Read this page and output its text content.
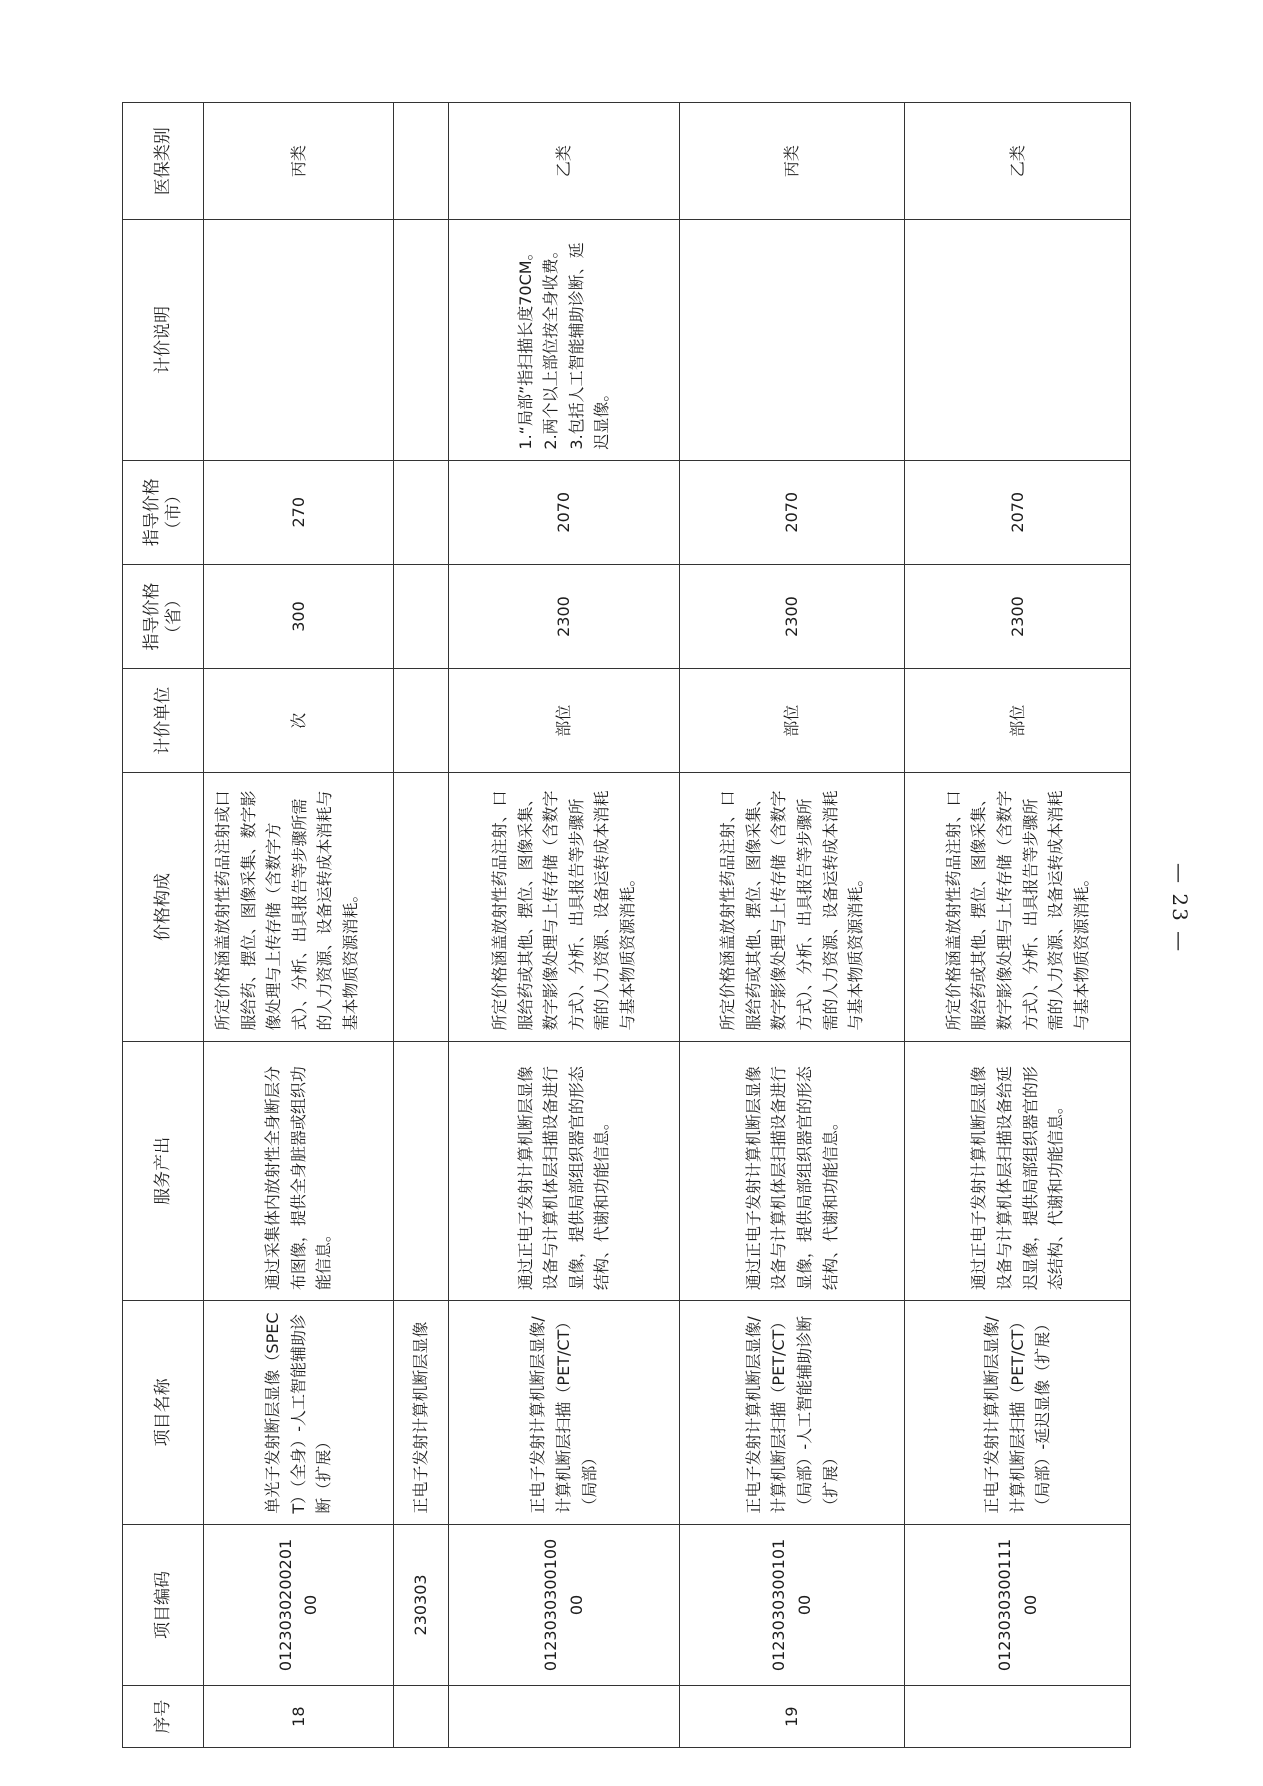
序号	项目编码	项目名称	服务产出	价格构成	计价单位	指导价格（省）	指导价格（市）	计价说明	医保类别
18	012303020020100	单光子发射断层显像（SPECT）（全身）-人工智能辅助诊断（扩展）	通过采集体内放射性全身断层分布图像，提供全身脏器或组织功能信息。	所定价格涵盖放射性药品注射或口服给药、摆位、图像采集、数字影像处理与上传存储（含数字方式）、分析、出具报告等步骤所需的人力资源、设备运转成本消耗与基本物质资源消耗。	次	300	270		丙类
	230303	正电子发射计算机断层显像							
	012303030010000	正电子发射计算机断层显像/计算机断层扫描（PET/CT）（局部）	通过正电子发射计算机断层显像设备与计算机体层扫描设备进行显像，提供局部组织器官的形态结构、代谢和功能信息。	所定价格涵盖放射性药品注射、口服给药或其他、摆位、图像采集、数字影像处理与上传存储（含数字方式）、分析、出具报告等步骤所需的人力资源、设备运转成本消耗与基本物质资源消耗。	部位	2300	2070	1.“局部”指扫描长度70CM。 2.两个以上部位按全身收费。 3.包括人工智能辅助诊断、延迟显像。	乙类
19	012303030010100	正电子发射计算机断层显像/计算机断层扫描（PET/CT）（局部）-人工智能辅助诊断（扩展）	通过正电子发射计算机断层显像设备与计算机体层扫描设备进行显像，提供局部组织器官的形态结构、代谢和功能信息。	所定价格涵盖放射性药品注射、口服给药或其他、摆位、图像采集、数字影像处理与上传存储（含数字方式）、分析、出具报告等步骤所需的人力资源、设备运转成本消耗与基本物质资源消耗。	部位	2300	2070		丙类
	012303030011100	正电子发射计算机断层显像/计算机断层扫描（PET/CT）（局部）-延迟显像（扩展）	通过正电子发射计算机断层显像设备与计算机体层扫描设备给延迟显像，提供局部组织器官的形态结构、代谢和功能信息。	所定价格涵盖放射性药品注射、口服给药或其他、摆位、图像采集、数字影像处理与上传存储（含数字方式）、分析、出具报告等步骤所需的人力资源、设备运转成本消耗与基本物质资源消耗。	部位	2300	2070		乙类
— 23 —
